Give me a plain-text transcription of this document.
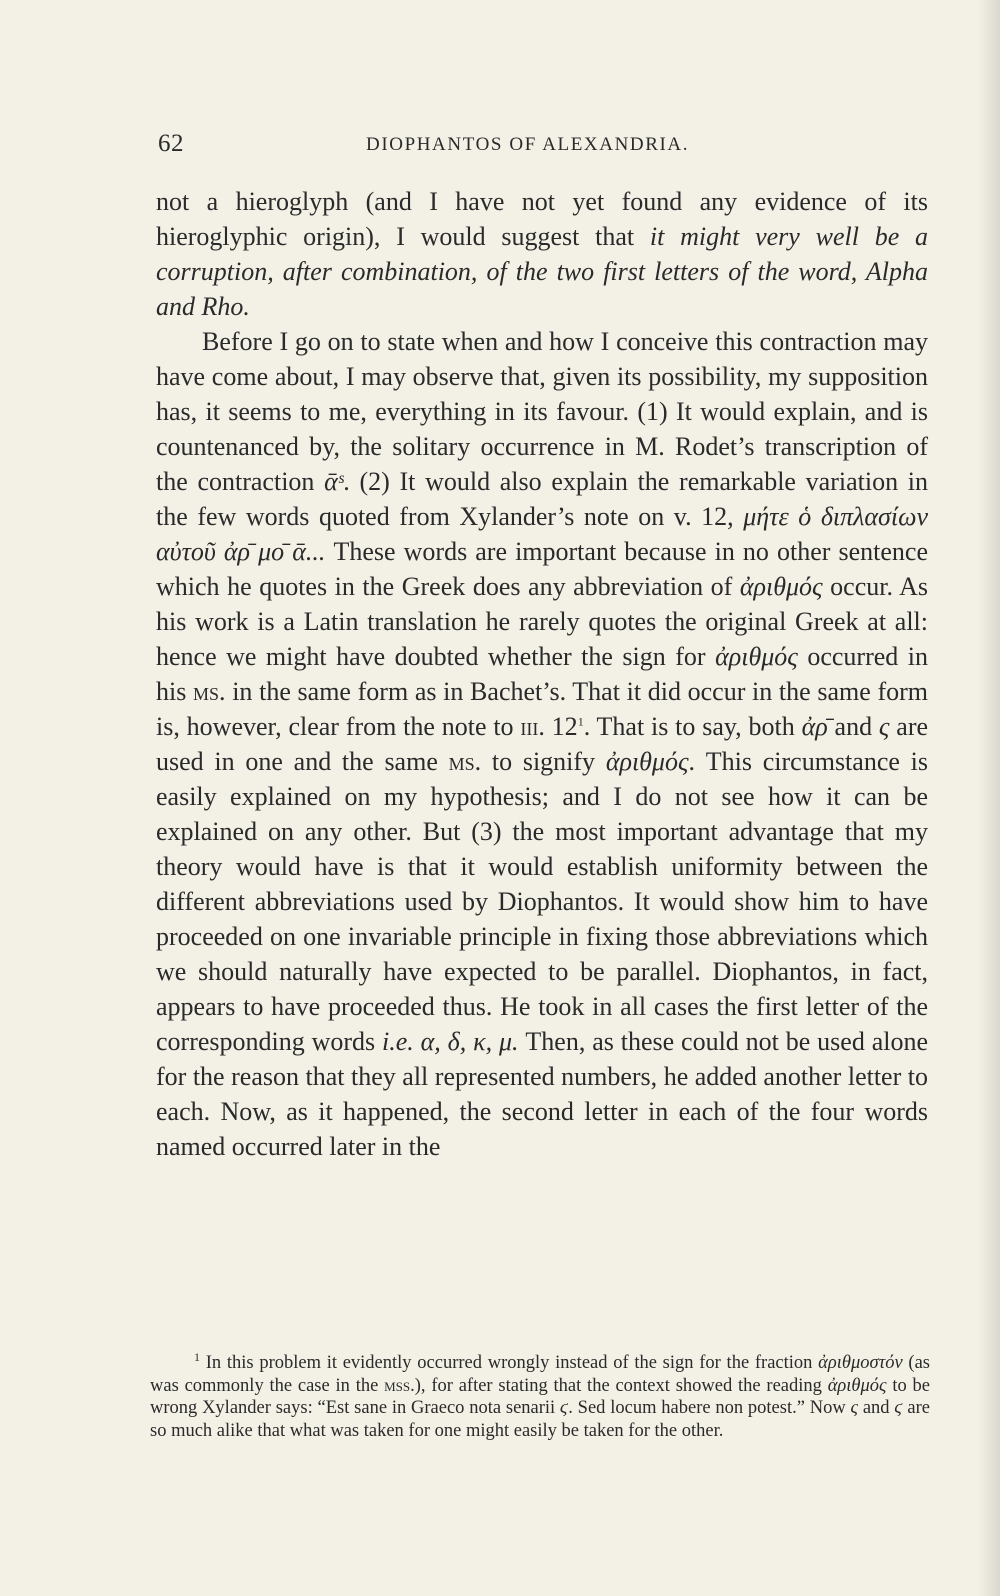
62	DIOPHANTOS OF ALEXANDRIA.

not a hieroglyph (and I have not yet found any evidence of its hieroglyphic origin), I would suggest that it might very well be a corruption, after combination, of the two first letters of the word, Alpha and Rho.

Before I go on to state when and how I conceive this contraction may have come about, I may observe that, given its possibility, my supposition has, it seems to me, everything in its favour. (1) It would explain, and is countenanced by, the solitary occurrence in M. Rodet’s transcription of the contraction ᾱˢ. (2) It would also explain the remarkable variation in the few words quoted from Xylander’s note on v. 12, μήτε ὁ διπλασίων αὐτοῦ ἀρ̄ μο̄ ᾱ... These words are important because in no other sentence which he quotes in the Greek does any abbreviation of ἀριθμός occur. As his work is a Latin translation he rarely quotes the original Greek at all: hence we might have doubted whether the sign for ἀριθμός occurred in his ms. in the same form as in Bachet’s. That it did occur in the same form is, however, clear from the note to iii. 12$^1$. That is to say, both ἀρ̄ and ς are used in one and the same ms. to signify ἀριθμός. This circumstance is easily explained on my hypothesis; and I do not see how it can be explained on any other. But (3) the most important advantage that my theory would have is that it would establish uniformity between the different abbreviations used by Diophantos. It would show him to have proceeded on one invariable principle in fixing those abbreviations which we should naturally have expected to be parallel. Diophantos, in fact, appears to have proceeded thus. He took in all cases the first letter of the corresponding words i.e. α, δ, κ, μ. Then, as these could not be used alone for the reason that they all represented numbers, he added another letter to each. Now, as it happened, the second letter in each of the four words named occurred later in the

$^1$ In this problem it evidently occurred wrongly instead of the sign for the fraction ἀριθμοστόν (as was commonly the case in the mss.), for after stating that the context showed the reading ἀριθμός to be wrong Xylander says: “Est sane in Graeco nota senarii ϛ. Sed locum habere non potest.” Now ς and ϛ are so much alike that what was taken for one might easily be taken for the other.
